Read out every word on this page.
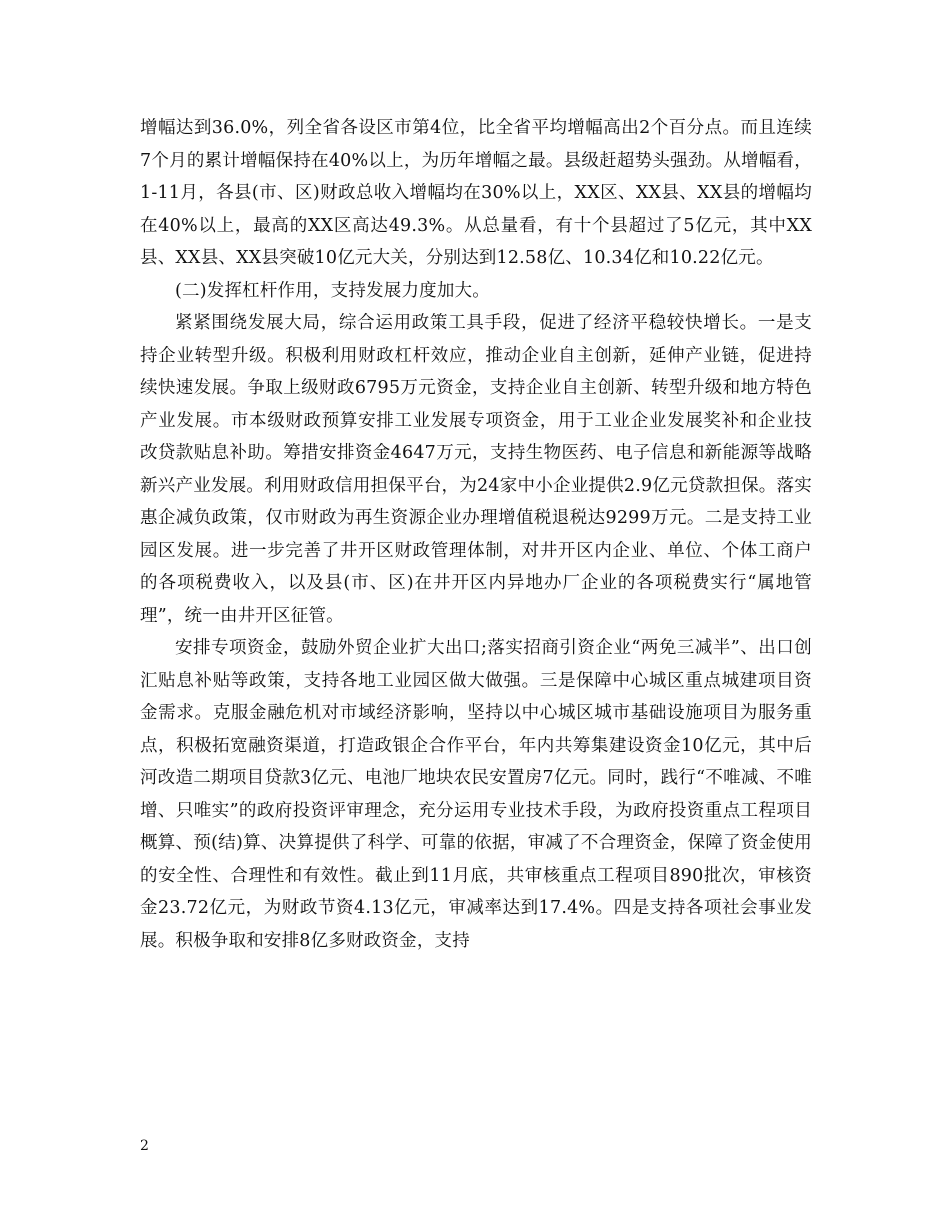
增幅达到36.0%，列全省各设区市第4位，比全省平均增幅高出2个百分点。而且连续7个月的累计增幅保持在40%以上，为历年增幅之最。县级赶超势头强劲。从增幅看，1-11月，各县(市、区)财政总收入增幅均在30%以上，XX区、XX县、XX县的增幅均在40%以上，最高的XX区高达49.3%。从总量看，有十个县超过了5亿元，其中XX县、XX县、XX县突破10亿元大关，分别达到12.58亿、10.34亿和10.22亿元。

(二)发挥杠杆作用，支持发展力度加大。

紧紧围绕发展大局，综合运用政策工具手段，促进了经济平稳较快增长。一是支持企业转型升级。积极利用财政杠杆效应，推动企业自主创新，延伸产业链，促进持续快速发展。争取上级财政6795万元资金，支持企业自主创新、转型升级和地方特色产业发展。市本级财政预算安排工业发展专项资金，用于工业企业发展奖补和企业技改贷款贴息补助。筹措安排资金4647万元，支持生物医药、电子信息和新能源等战略新兴产业发展。利用财政信用担保平台，为24家中小企业提供2.9亿元贷款担保。落实惠企减负政策，仅市财政为再生资源企业办理增值税退税达9299万元。二是支持工业园区发展。进一步完善了井开区财政管理体制，对井开区内企业、单位、个体工商户的各项税费收入，以及县(市、区)在井开区内异地办厂企业的各项税费实行“属地管理”，统一由井开区征管。

安排专项资金，鼓励外贸企业扩大出口;落实招商引资企业“两免三减半”、出口创汇贴息补贴等政策，支持各地工业园区做大做强。三是保障中心城区重点城建项目资金需求。克服金融危机对市域经济影响，坚持以中心城区城市基础设施项目为服务重点，积极拓宽融资渠道，打造政银企合作平台，年内共筹集建设资金10亿元，其中后河改造二期项目贷款3亿元、电池厂地块农民安置房7亿元。同时，践行“不唯减、不唯增、只唯实”的政府投资评审理念，充分运用专业技术手段，为政府投资重点工程项目概算、预(结)算、决算提供了科学、可靠的依据，审减了不合理资金，保障了资金使用的安全性、合理性和有效性。截止到11月底，共审核重点工程项目890批次，审核资金23.72亿元，为财政节资4.13亿元，审减率达到17.4%。四是支持各项社会事业发展。积极争取和安排8亿多财政资金，支持

2
